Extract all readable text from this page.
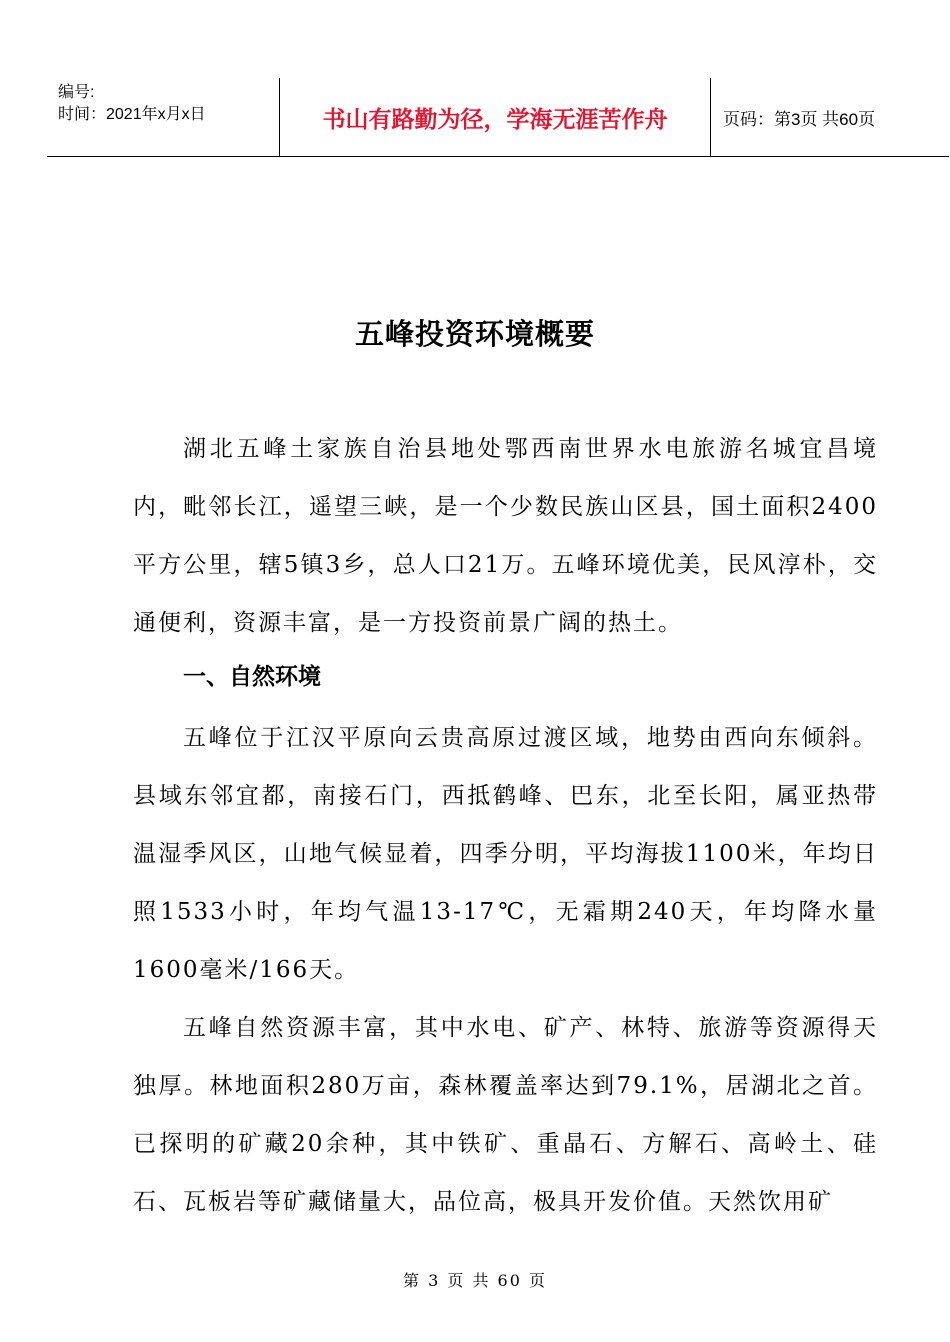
编号:
时间：2021年x月x日	书山有路勤为径，学海无涯苦作舟	页码：第3页 共60页
五峰投资环境概要
湖北五峰土家族自治县地处鄂西南世界水电旅游名城宜昌境内，毗邻长江，遥望三峡，是一个少数民族山区县，国土面积2400平方公里，辖5镇3乡，总人口21万。五峰环境优美，民风淳朴，交通便利，资源丰富，是一方投资前景广阔的热土。
一、自然环境
五峰位于江汉平原向云贵高原过渡区域，地势由西向东倾斜。县域东邻宜都，南接石门，西抵鹤峰、巴东，北至长阳，属亚热带温湿季风区，山地气候显着，四季分明，平均海拔1100米，年均日照1533小时，年均气温13-17℃，无霜期240天，年均降水量1600毫米/166天。
五峰自然资源丰富，其中水电、矿产、林特、旅游等资源得天独厚。林地面积280万亩，森林覆盖率达到79.1%，居湖北之首。已探明的矿藏20余种，其中铁矿、重晶石、方解石、高岭土、硅石、瓦板岩等矿藏储量大，品位高，极具开发价值。天然饮用矿
第 3 页 共 60 页
